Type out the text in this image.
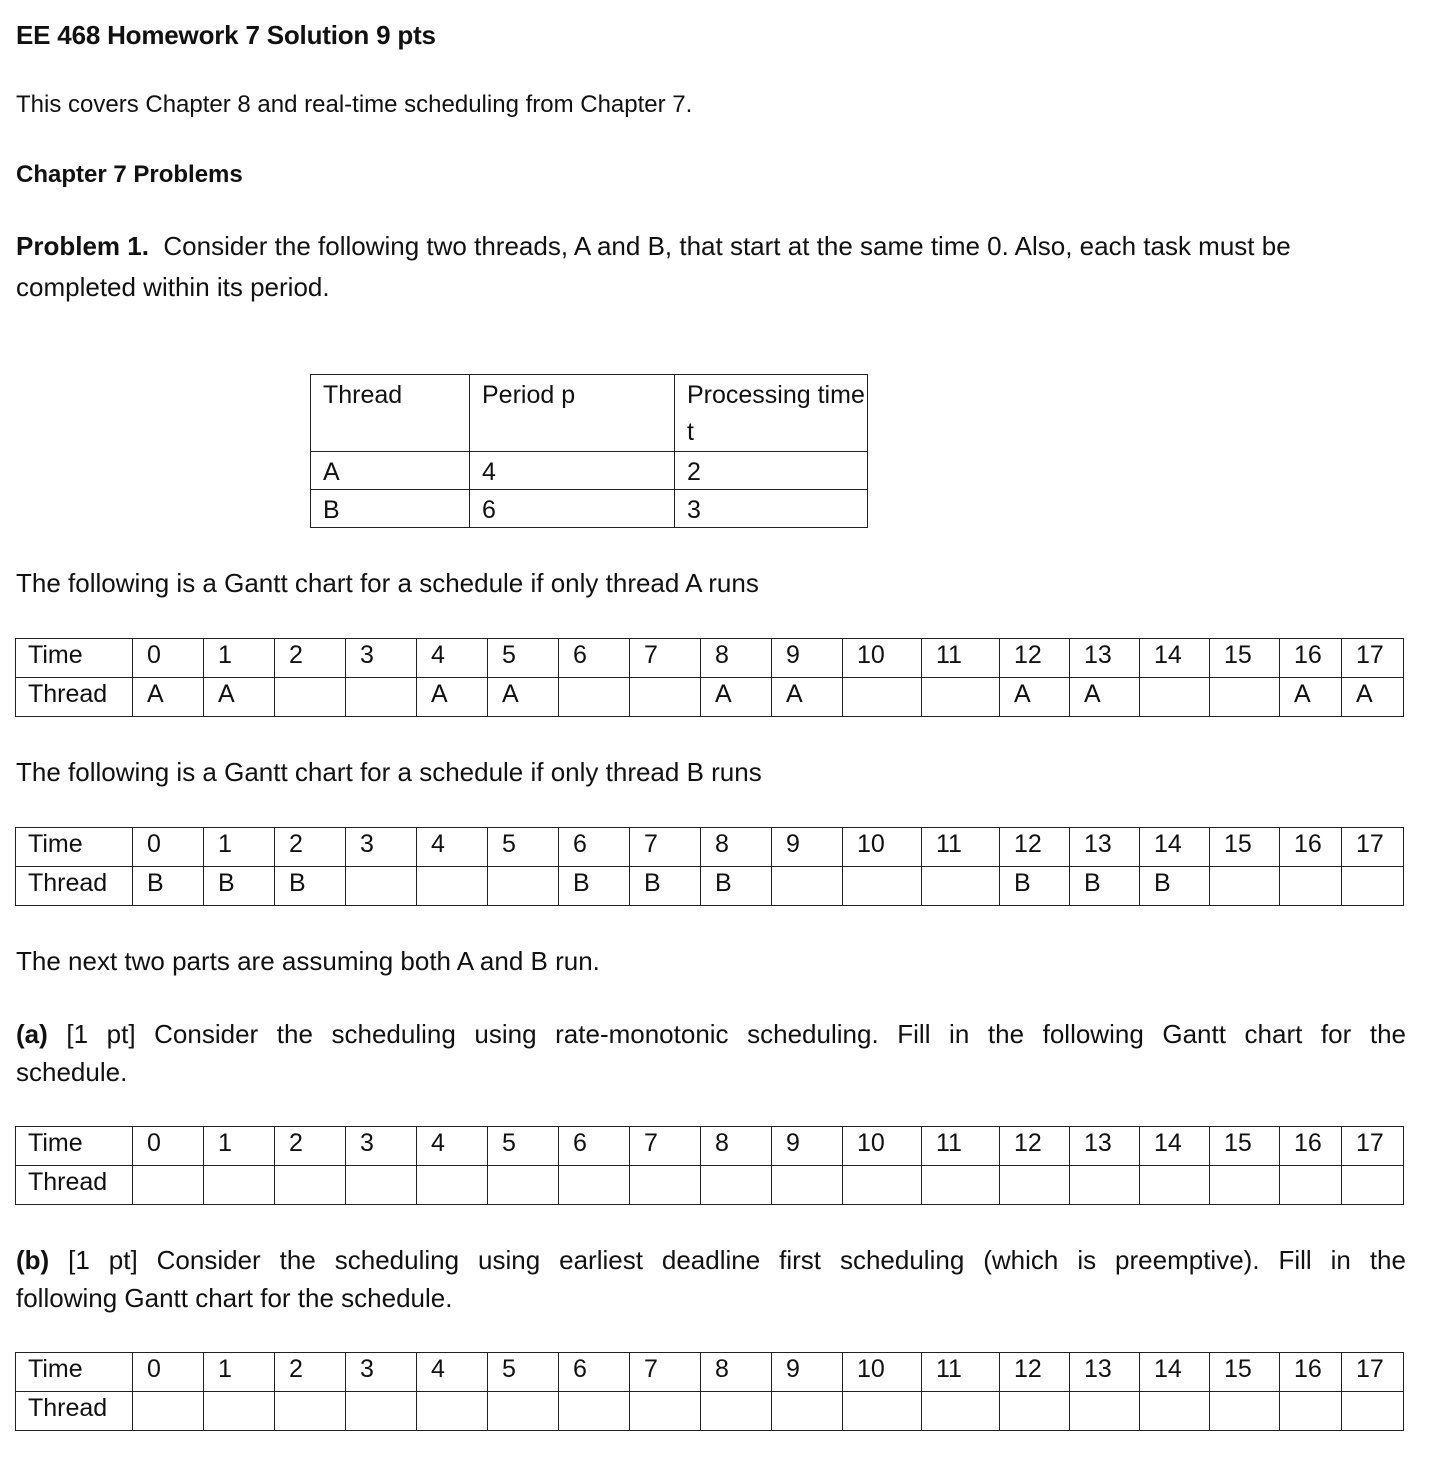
EE 468 Homework 7 Solution 9 pts
This covers Chapter 8 and real-time scheduling from Chapter 7.
Chapter 7 Problems
Problem 1. Consider the following two threads, A and B, that start at the same time 0. Also, each task must be completed within its period.
Thread	Period p	Processing time t
A	4	2
B	6	3
The following is a Gantt chart for a schedule if only thread A runs
Time	0	1	2	3	4	5	6	7	8	9	10	11	12	13	14	15	16	17
Thread	A	A			A	A			A	A			A	A			A	A
The following is a Gantt chart for a schedule if only thread B runs
Time	0	1	2	3	4	5	6	7	8	9	10	11	12	13	14	15	16	17
Thread	B	B	B				B	B	B				B	B	B			
The next two parts are assuming both A and B run.
(a) [1 pt] Consider the scheduling using rate-monotonic scheduling. Fill in the following Gantt chart for the
schedule.
Time	0	1	2	3	4	5	6	7	8	9	10	11	12	13	14	15	16	17
Thread																		
(b) [1 pt] Consider the scheduling using earliest deadline first scheduling (which is preemptive). Fill in the
following Gantt chart for the schedule.
Time	0	1	2	3	4	5	6	7	8	9	10	11	12	13	14	15	16	17
Thread																		
